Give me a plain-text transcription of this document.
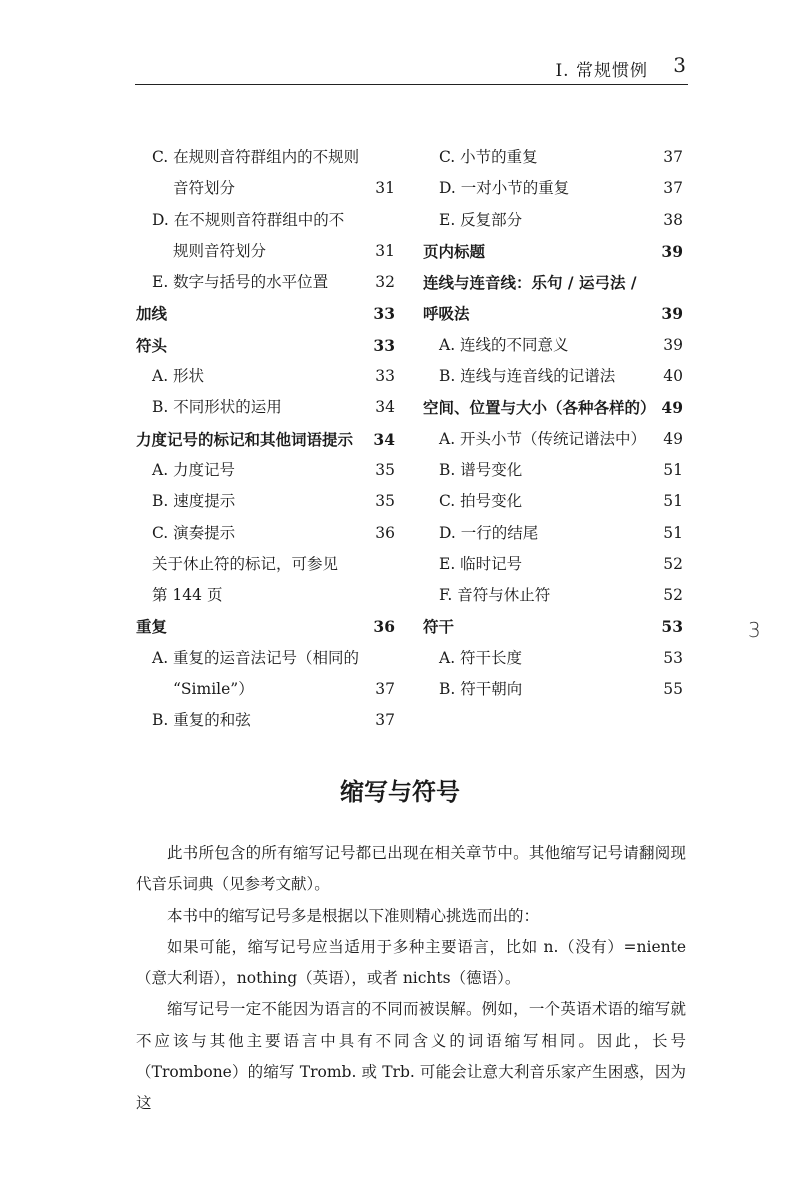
Ⅰ. 常规惯例 3
C. 在规则音符群组内的不规则
音符划分	31
D. 在不规则音符群组中的不
规则音符划分	31
E. 数字与括号的水平位置	32
加线	33
符头	33
A. 形状	33
B. 不同形状的运用	34
力度记号的标记和其他词语提示 34
A. 力度记号	35
B. 速度提示	35
C. 演奏提示	36
关于休止符的标记，可参见
第 144 页
重复	36
A. 重复的运音法记号（相同的
“Simile”）	37
B. 重复的和弦	37
C. 小节的重复	37
D. 一对小节的重复	37
E. 反复部分	38
页内标题	39
连线与连音线：乐句 / 运弓法 /
呼吸法	39
A. 连线的不同意义	39
B. 连线与连音线的记谱法	40
空间、位置与大小（各种各样的） 49
A. 开头小节（传统记谱法中） 49
B. 谱号变化	51
C. 拍号变化	51
D. 一行的结尾	51
E. 临时记号	52
F. 音符与休止符	52
符干	53
A. 符干长度	53
B. 符干朝向	55
3
缩写与符号

此书所包含的所有缩写记号都已出现在相关章节中。其他缩写记号请翻阅现代音乐词典（见参考文献）。

本书中的缩写记号多是根据以下准则精心挑选而出的：

如果可能，缩写记号应当适用于多种主要语言，比如 n.（没有）=niente（意大利语），nothing（英语），或者 nichts（德语）。

缩写记号一定不能因为语言的不同而被误解。例如，一个英语术语的缩写就不应该与其他主要语言中具有不同含义的词语缩写相同。因此，长号（Trombone）的缩写 Tromb. 或 Trb. 可能会让意大利音乐家产生困惑，因为这
